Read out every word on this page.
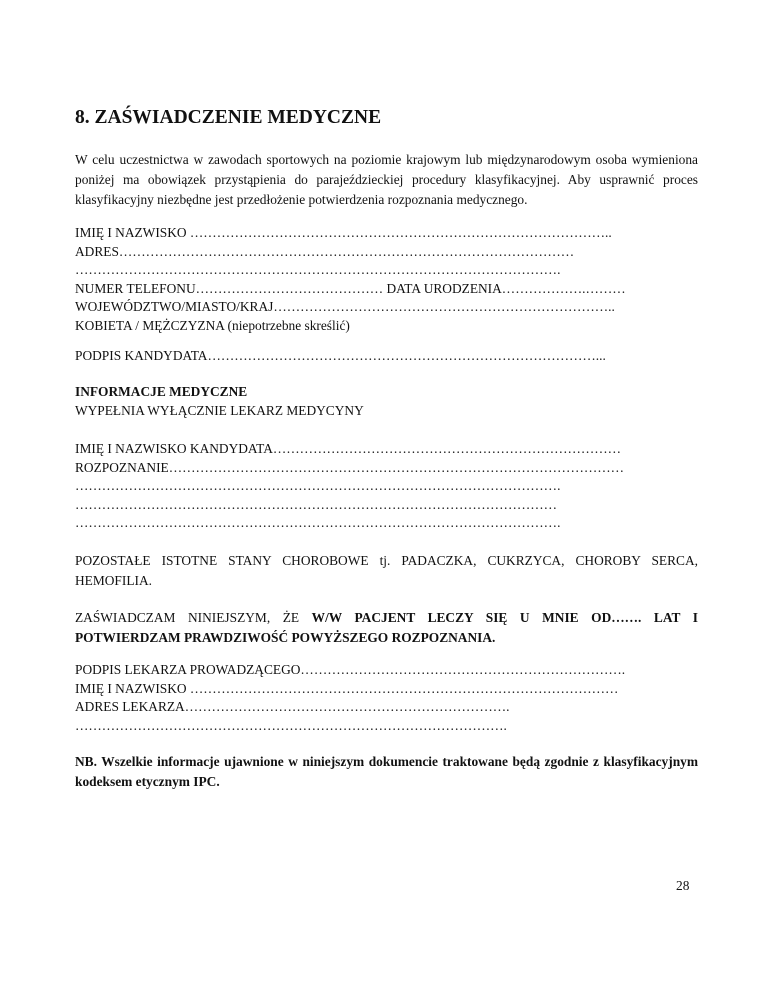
8. ZAŚWIADCZENIE MEDYCZNE
W celu uczestnictwa w zawodach sportowych na poziomie krajowym lub międzynarodowym osoba wymieniona poniżej ma obowiązek przystąpienia do parajeździeckiej procedury klasyfikacyjnej. Aby usprawnić proces klasyfikacyjny niezbędne jest przedłożenie potwierdzenia rozpoznania medycznego.
IMIĘ I NAZWISKO …………………………………………………………………………………..
ADRES…………………………………………………………………………………………
……………………………………………………………………………………………….
NUMER TELEFONU…………………………………… DATA URODZENIA……………….………
WOJEWÓDZTWO/MIASTO/KRAJ…………………………………………………………………..
KOBIETA / MĘŻCZYZNA (niepotrzebne skreślić)
PODPIS KANDYDATA……………………………………………………………………………...
INFORMACJE MEDYCZNE
WYPEŁNIA WYŁĄCZNIE LEKARZ MEDYCYNY
IMIĘ I NAZWISKO KANDYDATA……………………………………………………………………
ROZPOZNANIE…………………………………………………………………………………………
……………………………………………………………………………………………….
………………………………………………………………………………………………
……………………………………………………………………………………………….
POZOSTAŁE ISTOTNE STANY CHOROBOWE tj. PADACZKA, CUKRZYCA, CHOROBY SERCA, HEMOFILIA.
ZAŚWIADCZAM NINIEJSZYM, ŻE W/W PACJENT LECZY SIĘ U MNIE OD……. LAT I POTWIERDZAM PRAWDZIWOŚĆ POWYŻSZEGO ROZPOZNANIA.
PODPIS LEKARZA PROWADZĄCEGO……………………………………………………………….
IMIĘ I NAZWISKO ……………………………………………………………………………………
ADRES LEKARZA……………………………………………………………….
…………………………………………………………………………………….
NB. Wszelkie informacje ujawnione w niniejszym dokumencie traktowane będą zgodnie z klasyfikacyjnym kodeksem etycznym IPC.
28
